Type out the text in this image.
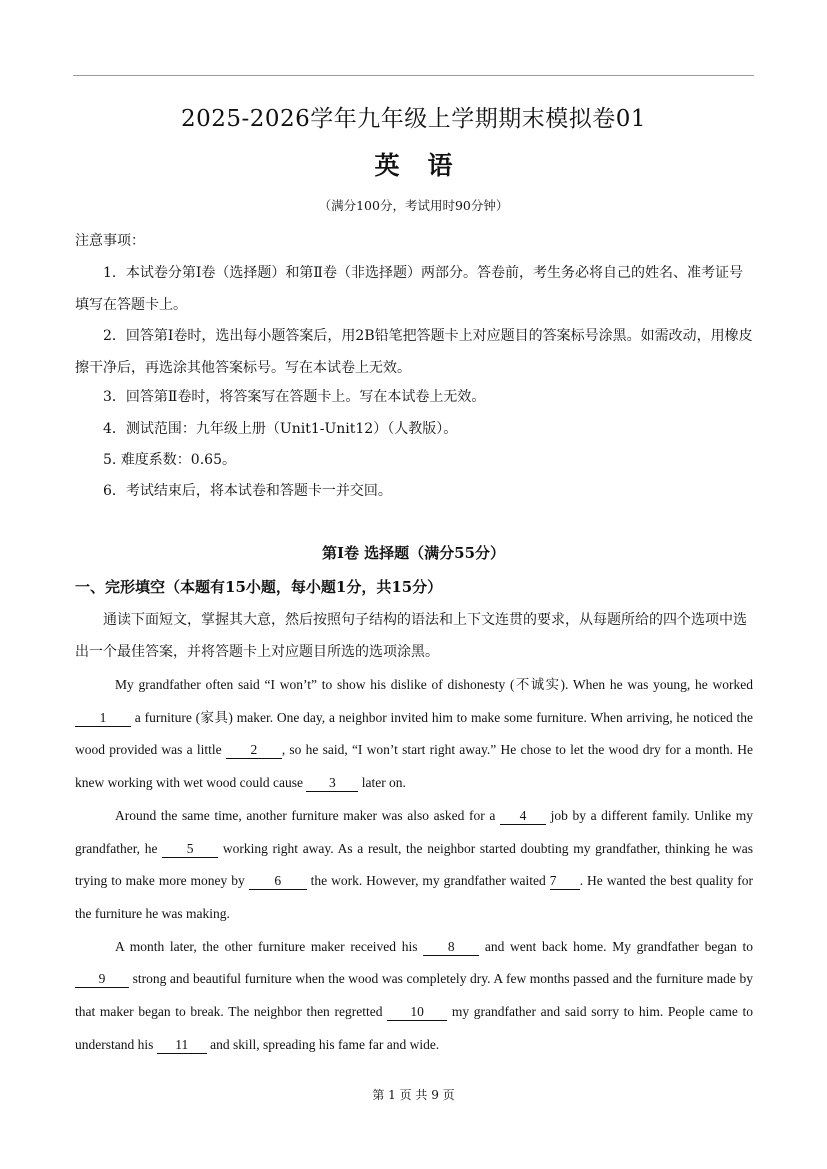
2025-2026学年九年级上学期期末模拟卷01
英语
（满分100分，考试用时90分钟）
注意事项：
1．本试卷分第Ⅰ卷（选择题）和第Ⅱ卷（非选择题）两部分。答卷前，考生务必将自己的姓名、准考证号填写在答题卡上。
2．回答第Ⅰ卷时，选出每小题答案后，用2B铅笔把答题卡上对应题目的答案标号涂黑。如需改动，用橡皮擦干净后，再选涂其他答案标号。写在本试卷上无效。
3．回答第Ⅱ卷时，将答案写在答题卡上。写在本试卷上无效。
4．测试范围：九年级上册（Unit1-Unit12）（人教版）。
5. 难度系数：0.65。
6．考试结束后，将本试卷和答题卡一并交回。
第Ⅰ卷 选择题（满分55分）
一、完形填空（本题有15小题，每小题1分，共15分）
通读下面短文，掌握其大意，然后按照句子结构的语法和上下文连贯的要求，从每题所给的四个选项中选出一个最佳答案，并将答题卡上对应题目所选的选项涂黑。

My grandfather often said “I won’t” to show his dislike of dishonesty (不诚实). When he was young, he worked 1 a furniture (家具) maker. One day, a neighbor invited him to make some furniture. When arriving, he noticed the wood provided was a little 2 , so he said, “I won’t start right away.” He chose to let the wood dry for a month. He knew working with wet wood could cause 3 later on.

Around the same time, another furniture maker was also asked for a 4 job by a different family. Unlike my grandfather, he 5 working right away. As a result, the neighbor started doubting my grandfather, thinking he was trying to make more money by 6 the work. However, my grandfather waited 7 . He wanted the best quality for the furniture he was making.

A month later, the other furniture maker received his 8 and went back home. My grandfather began to 9 strong and beautiful furniture when the wood was completely dry. A few months passed and the furniture made by that maker began to break. The neighbor then regretted 10 my grandfather and said sorry to him. People came to understand his 11 and skill, spreading his fame far and wide.

第 1 页 共 9 页
